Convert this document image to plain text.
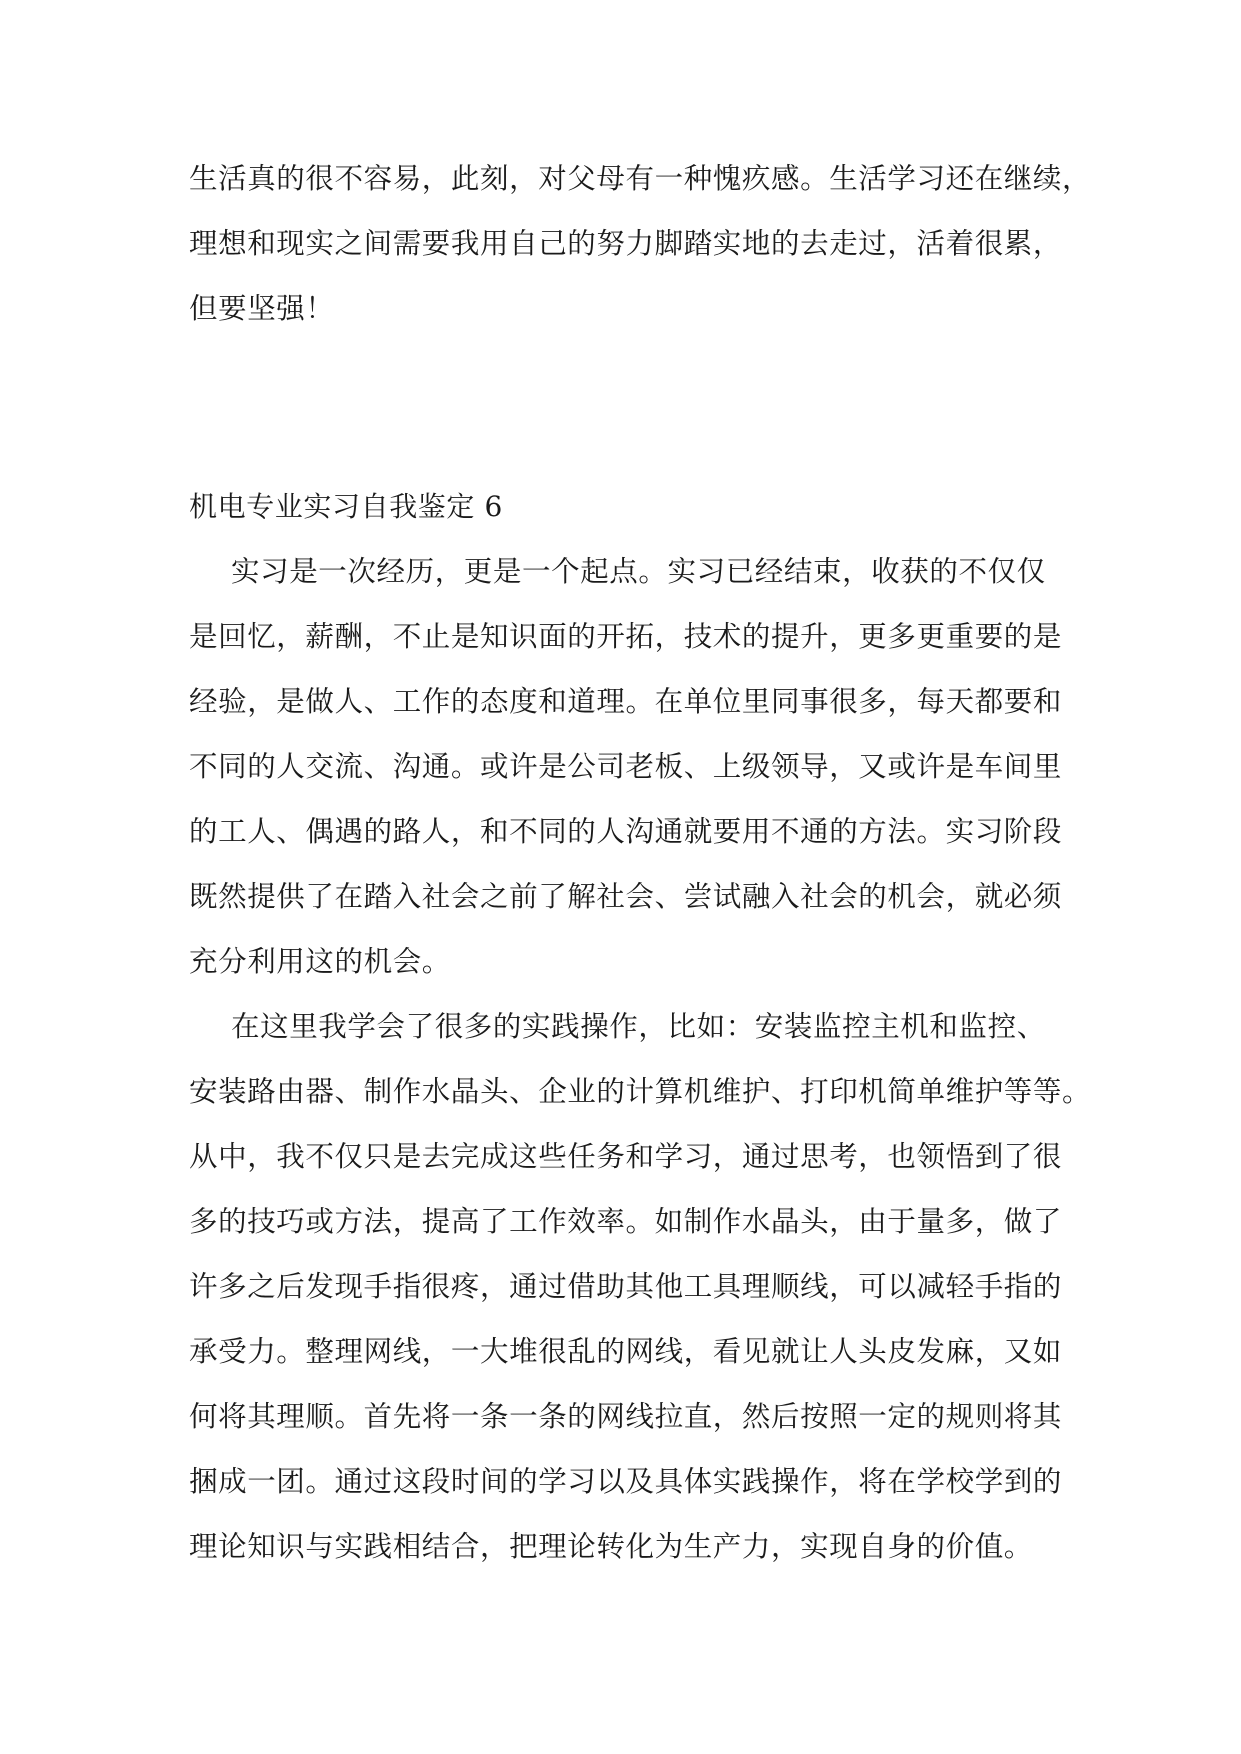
生活真的很不容易，此刻，对父母有一种愧疚感。生活学习还在继续，
理想和现实之间需要我用自己的努力脚踏实地的去走过，活着很累，
但要坚强！
机电专业实习自我鉴定 6
实习是一次经历，更是一个起点。实习已经结束，收获的不仅仅
是回忆，薪酬，不止是知识面的开拓，技术的提升，更多更重要的是
经验，是做人、工作的态度和道理。在单位里同事很多，每天都要和
不同的人交流、沟通。或许是公司老板、上级领导，又或许是车间里
的工人、偶遇的路人，和不同的人沟通就要用不通的方法。实习阶段
既然提供了在踏入社会之前了解社会、尝试融入社会的机会，就必须
充分利用这的机会。
在这里我学会了很多的实践操作，比如：安装监控主机和监控、
安装路由器、制作水晶头、企业的计算机维护、打印机简单维护等等。
从中，我不仅只是去完成这些任务和学习，通过思考，也领悟到了很
多的技巧或方法，提高了工作效率。如制作水晶头，由于量多，做了
许多之后发现手指很疼，通过借助其他工具理顺线，可以减轻手指的
承受力。整理网线，一大堆很乱的网线，看见就让人头皮发麻，又如
何将其理顺。首先将一条一条的网线拉直，然后按照一定的规则将其
捆成一团。通过这段时间的学习以及具体实践操作，将在学校学到的
理论知识与实践相结合，把理论转化为生产力，实现自身的价值。
